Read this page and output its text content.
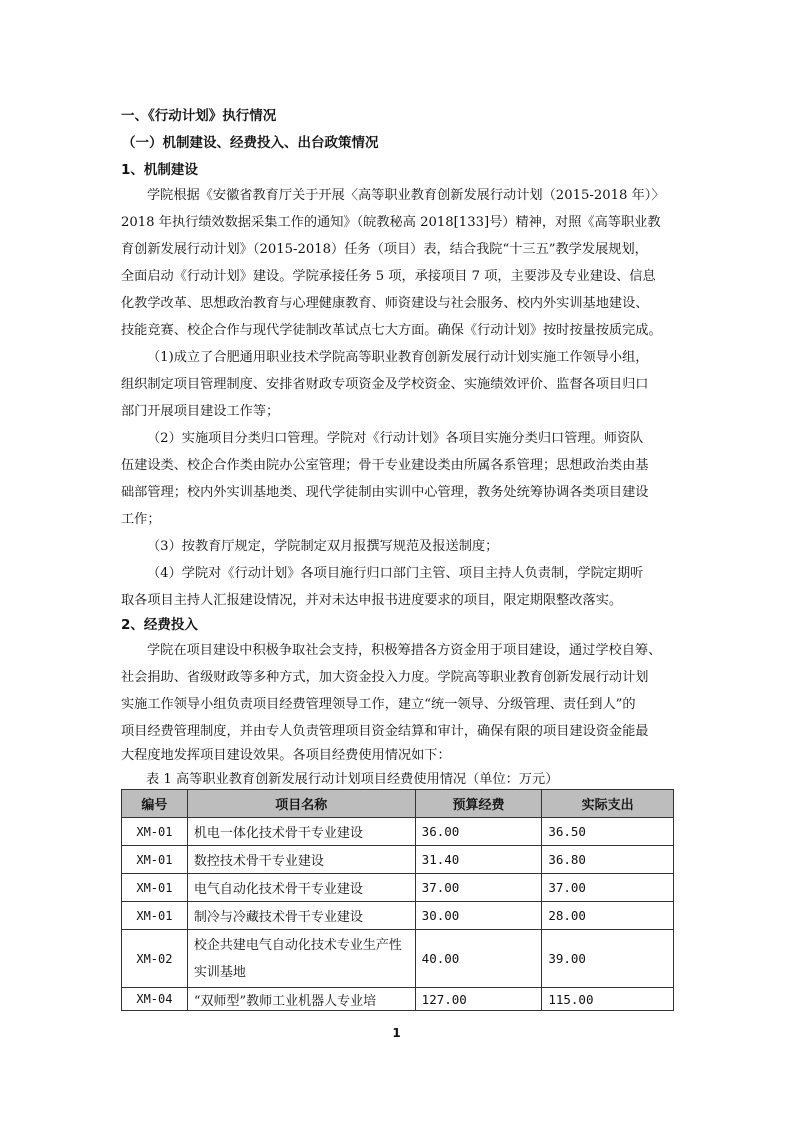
一、《行动计划》执行情况
（一）机制建设、经费投入、出台政策情况
1、机制建设
学院根据《安徽省教育厅关于开展〈高等职业教育创新发展行动计划（2015-2018 年）〉
2018 年执行绩效数据采集工作的通知》（皖教秘高 2018[133]号）精神，对照《高等职业教
育创新发展行动计划》（2015-2018）任务（项目）表，结合我院“十三五”教学发展规划，
全面启动《行动计划》建设。学院承接任务 5 项，承接项目 7 项，主要涉及专业建设、信息
化教学改革、思想政治教育与心理健康教育、师资建设与社会服务、校内外实训基地建设、
技能竞赛、校企合作与现代学徒制改革试点七大方面。确保《行动计划》按时按量按质完成。
（1)成立了合肥通用职业技术学院高等职业教育创新发展行动计划实施工作领导小组，
组织制定项目管理制度、安排省财政专项资金及学校资金、实施绩效评价、监督各项目归口
部门开展项目建设工作等；
（2）实施项目分类归口管理。学院对《行动计划》各项目实施分类归口管理。师资队
伍建设类、校企合作类由院办公室管理；骨干专业建设类由所属各系管理；思想政治类由基
础部管理；校内外实训基地类、现代学徒制由实训中心管理，教务处统筹协调各类项目建设
工作；
（3）按教育厅规定，学院制定双月报撰写规范及报送制度；
（4）学院对《行动计划》各项目施行归口部门主管、项目主持人负责制，学院定期听
取各项目主持人汇报建设情况，并对未达申报书进度要求的项目，限定期限整改落实。
2、经费投入
学院在项目建设中积极争取社会支持，积极筹措各方资金用于项目建设，通过学校自筹、
社会捐助、省级财政等多种方式，加大资金投入力度。学院高等职业教育创新发展行动计划
实施工作领导小组负责项目经费管理领导工作，建立“统一领导、分级管理、责任到人”的
项目经费管理制度，并由专人负责管理项目资金结算和审计，确保有限的项目建设资金能最
大程度地发挥项目建设效果。各项目经费使用情况如下：
表 1 高等职业教育创新发展行动计划项目经费使用情况（单位：万元）
编号	项目名称	预算经费	实际支出
XM-01	机电一体化技术骨干专业建设	36.00	36.50
XM-01	数控技术骨干专业建设	31.40	36.80
XM-01	电气自动化技术骨干专业建设	37.00	37.00
XM-01	制冷与冷藏技术骨干专业建设	30.00	28.00
XM-02	校企共建电气自动化技术专业生产性实训基地	40.00	39.00
XM-04	“双师型”教师工业机器人专业培	127.00	115.00
1
